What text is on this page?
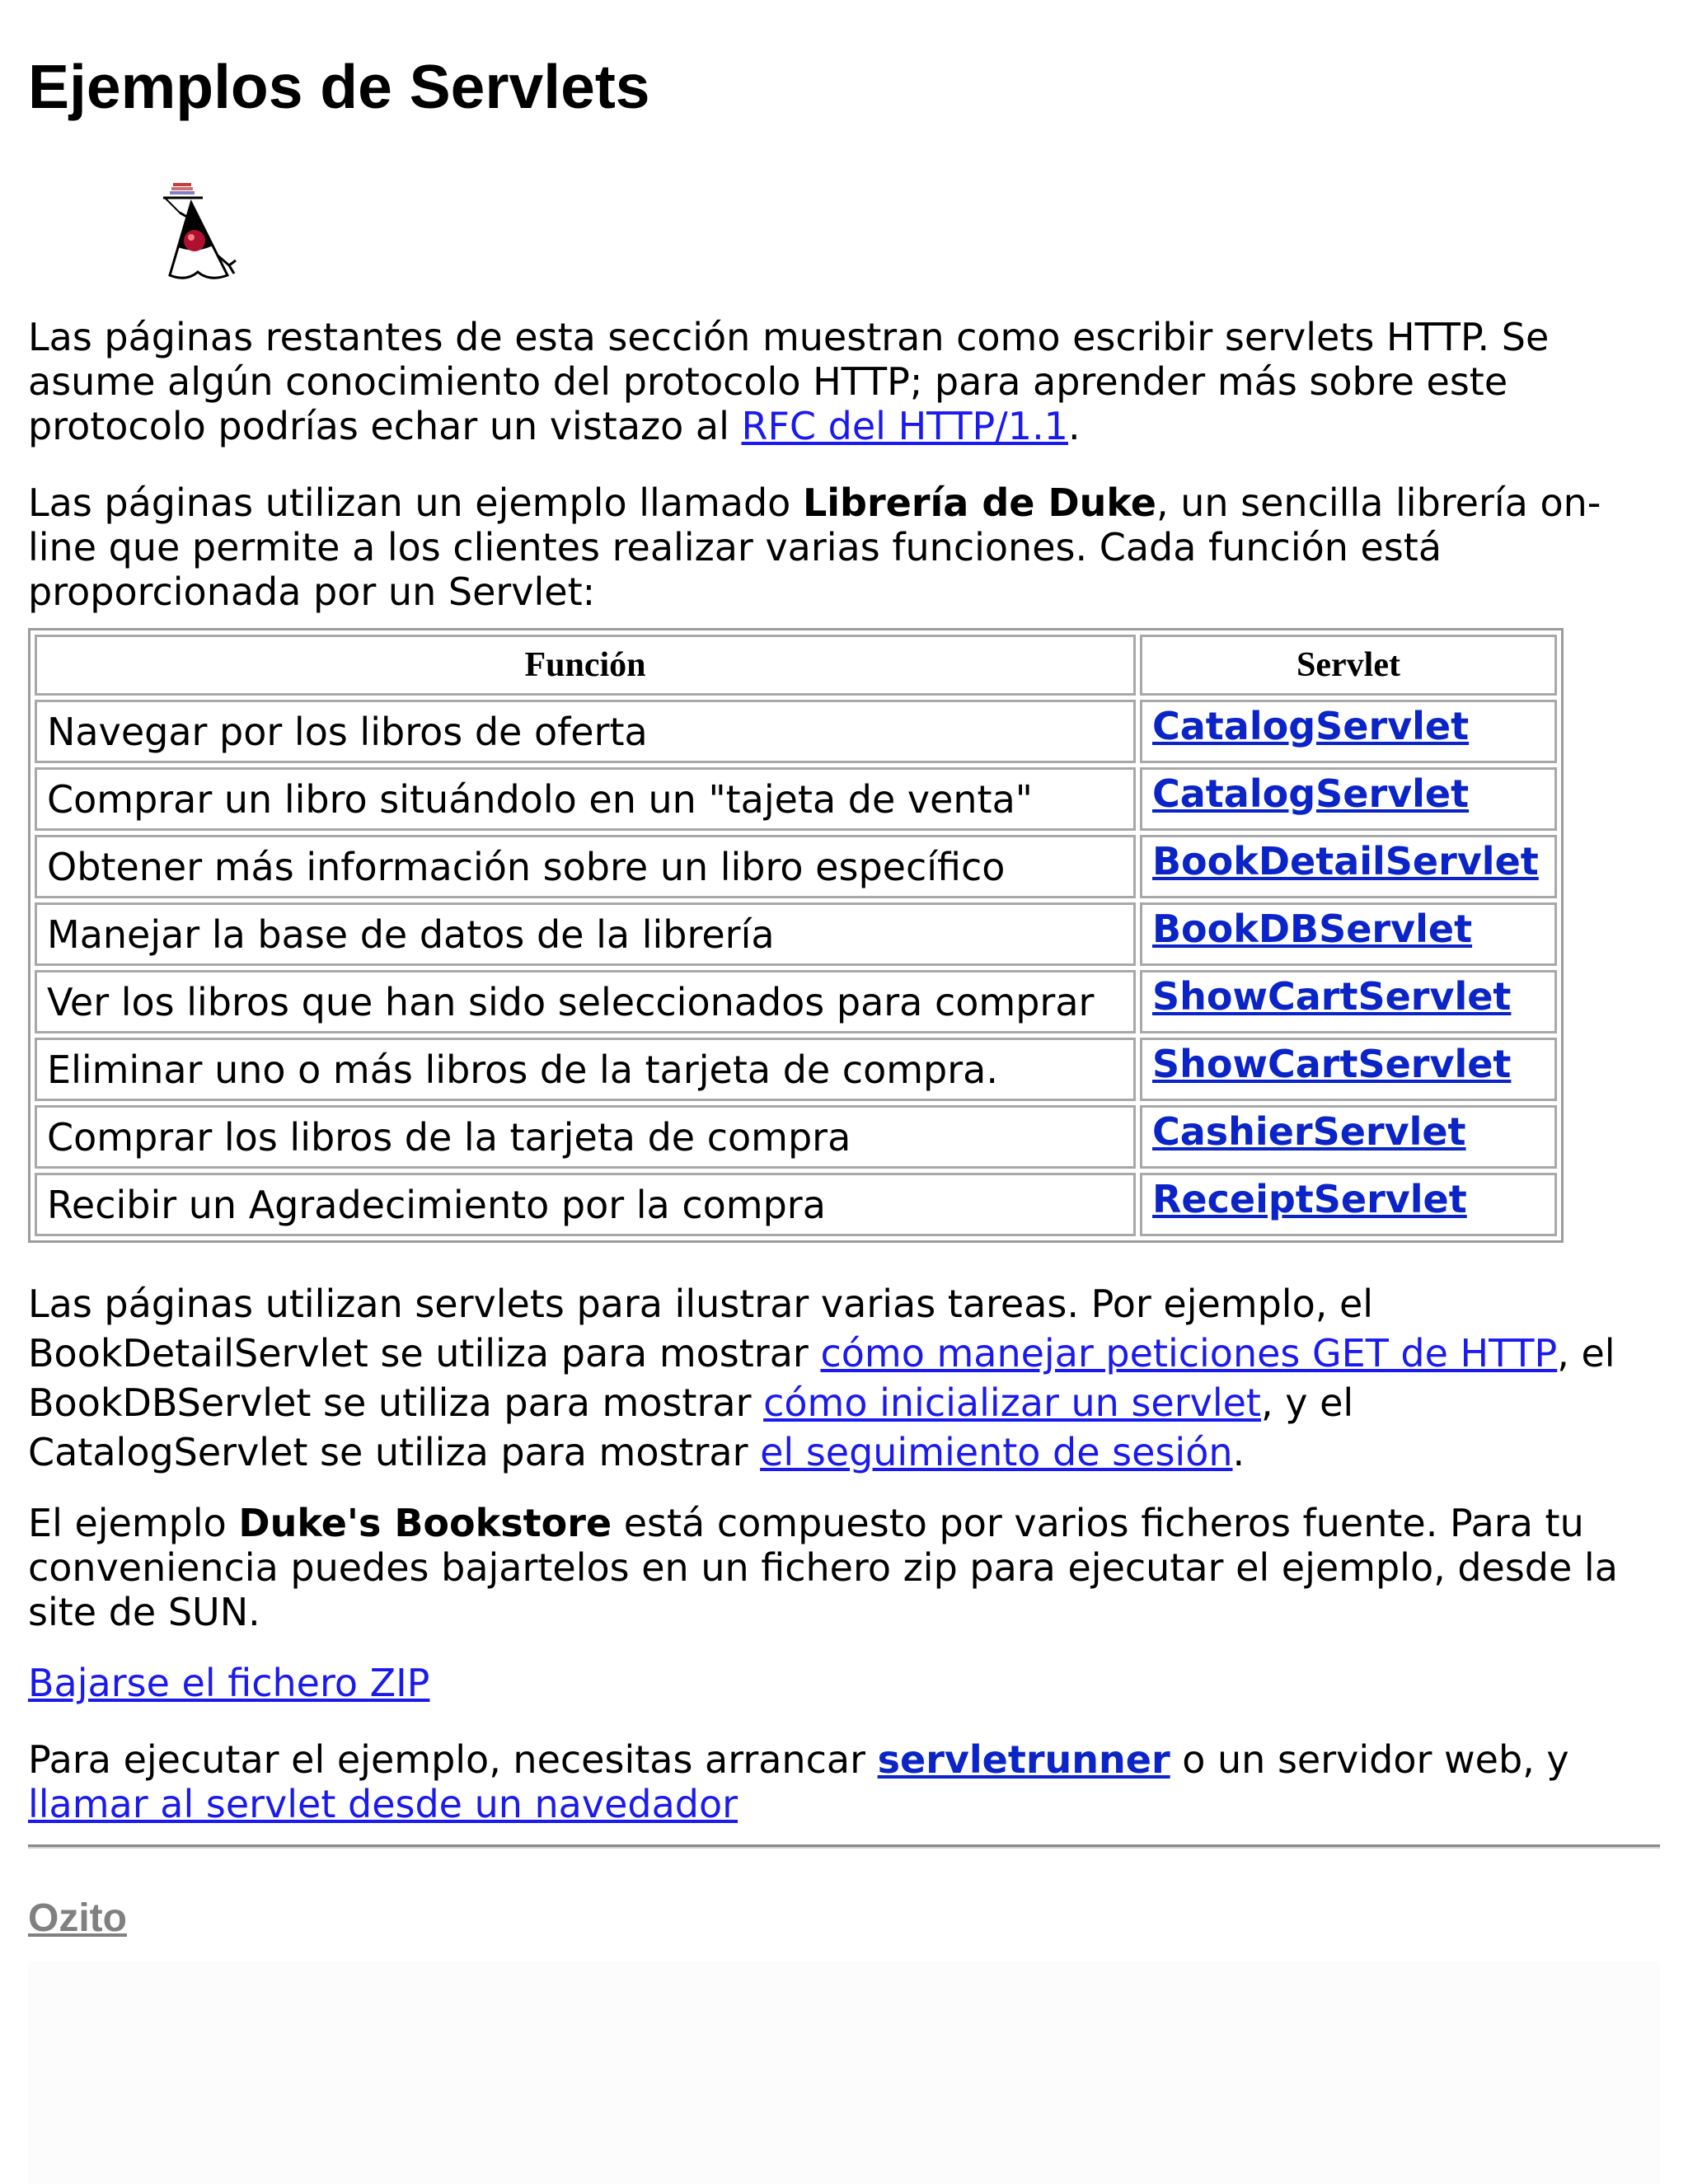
Ejemplos de Servlets

Las páginas restantes de esta sección muestran como escribir servlets HTTP. Se asume algún conocimiento del protocolo HTTP; para aprender más sobre este protocolo podrías echar un vistazo al RFC del HTTP/1.1.

Las páginas utilizan un ejemplo llamado Librería de Duke, un sencilla librería on-line que permite a los clientes realizar varias funciones. Cada función está proporcionada por un Servlet:

Función	Servlet
Navegar por los libros de oferta	CatalogServlet
Comprar un libro situándolo en un "tajeta de venta"	CatalogServlet
Obtener más información sobre un libro específico	BookDetailServlet
Manejar la base de datos de la librería	BookDBServlet
Ver los libros que han sido seleccionados para comprar	ShowCartServlet
Eliminar uno o más libros de la tarjeta de compra.	ShowCartServlet
Comprar los libros de la tarjeta de compra	CashierServlet
Recibir un Agradecimiento por la compra	ReceiptServlet

Las páginas utilizan servlets para ilustrar varias tareas. Por ejemplo, el
BookDetailServlet se utiliza para mostrar cómo manejar peticiones GET de HTTP, el
BookDBServlet se utiliza para mostrar cómo inicializar un servlet, y el
CatalogServlet se utiliza para mostrar el seguimiento de sesión.

El ejemplo Duke's Bookstore está compuesto por varios ficheros fuente. Para tu conveniencia puedes bajartelos en un fichero zip para ejecutar el ejemplo, desde la site de SUN.

Bajarse el fichero ZIP

Para ejecutar el ejemplo, necesitas arrancar servletrunner o un servidor web, y llamar al servlet desde un navedador

Ozito
